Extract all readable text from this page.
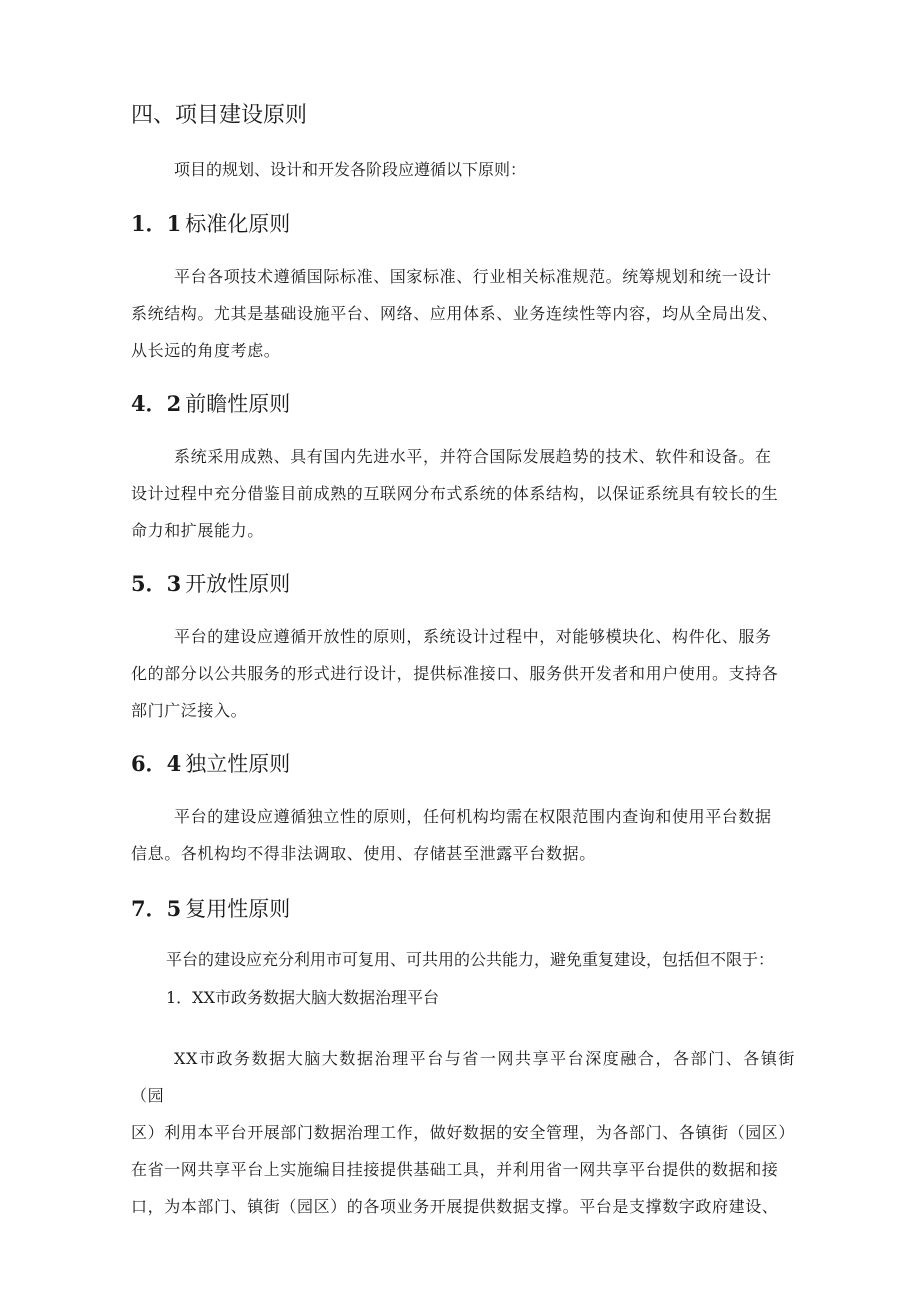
四、项目建设原则
项目的规划、设计和开发各阶段应遵循以下原则：
1．1 标准化原则
平台各项技术遵循国际标准、国家标准、行业相关标准规范。统筹规划和统一设计
系统结构。尤其是基础设施平台、网络、应用体系、业务连续性等内容，均从全局出发、
从长远的角度考虑。
4．2 前瞻性原则
系统采用成熟、具有国内先进水平，并符合国际发展趋势的技术、软件和设备。在
设计过程中充分借鉴目前成熟的互联网分布式系统的体系结构，以保证系统具有较长的生
命力和扩展能力。
5．3 开放性原则
平台的建设应遵循开放性的原则，系统设计过程中，对能够模块化、构件化、服务
化的部分以公共服务的形式进行设计，提供标准接口、服务供开发者和用户使用。支持各
部门广泛接入。
6．4 独立性原则
平台的建设应遵循独立性的原则，任何机构均需在权限范围内查询和使用平台数据
信息。各机构均不得非法调取、使用、存储甚至泄露平台数据。
7．5 复用性原则
平台的建设应充分利用市可复用、可共用的公共能力，避免重复建设，包括但不限于：
1．XX市政务数据大脑大数据治理平台
XX市政务数据大脑大数据治理平台与省一网共享平台深度融合，各部门、各镇街（园
区）利用本平台开展部门数据治理工作，做好数据的安全管理，为各部门、各镇街（园区）
在省一网共享平台上实施编目挂接提供基础工具，并利用省一网共享平台提供的数据和接
口，为本部门、镇街（园区）的各项业务开展提供数据支撑。平台是支撑数字政府建设、
